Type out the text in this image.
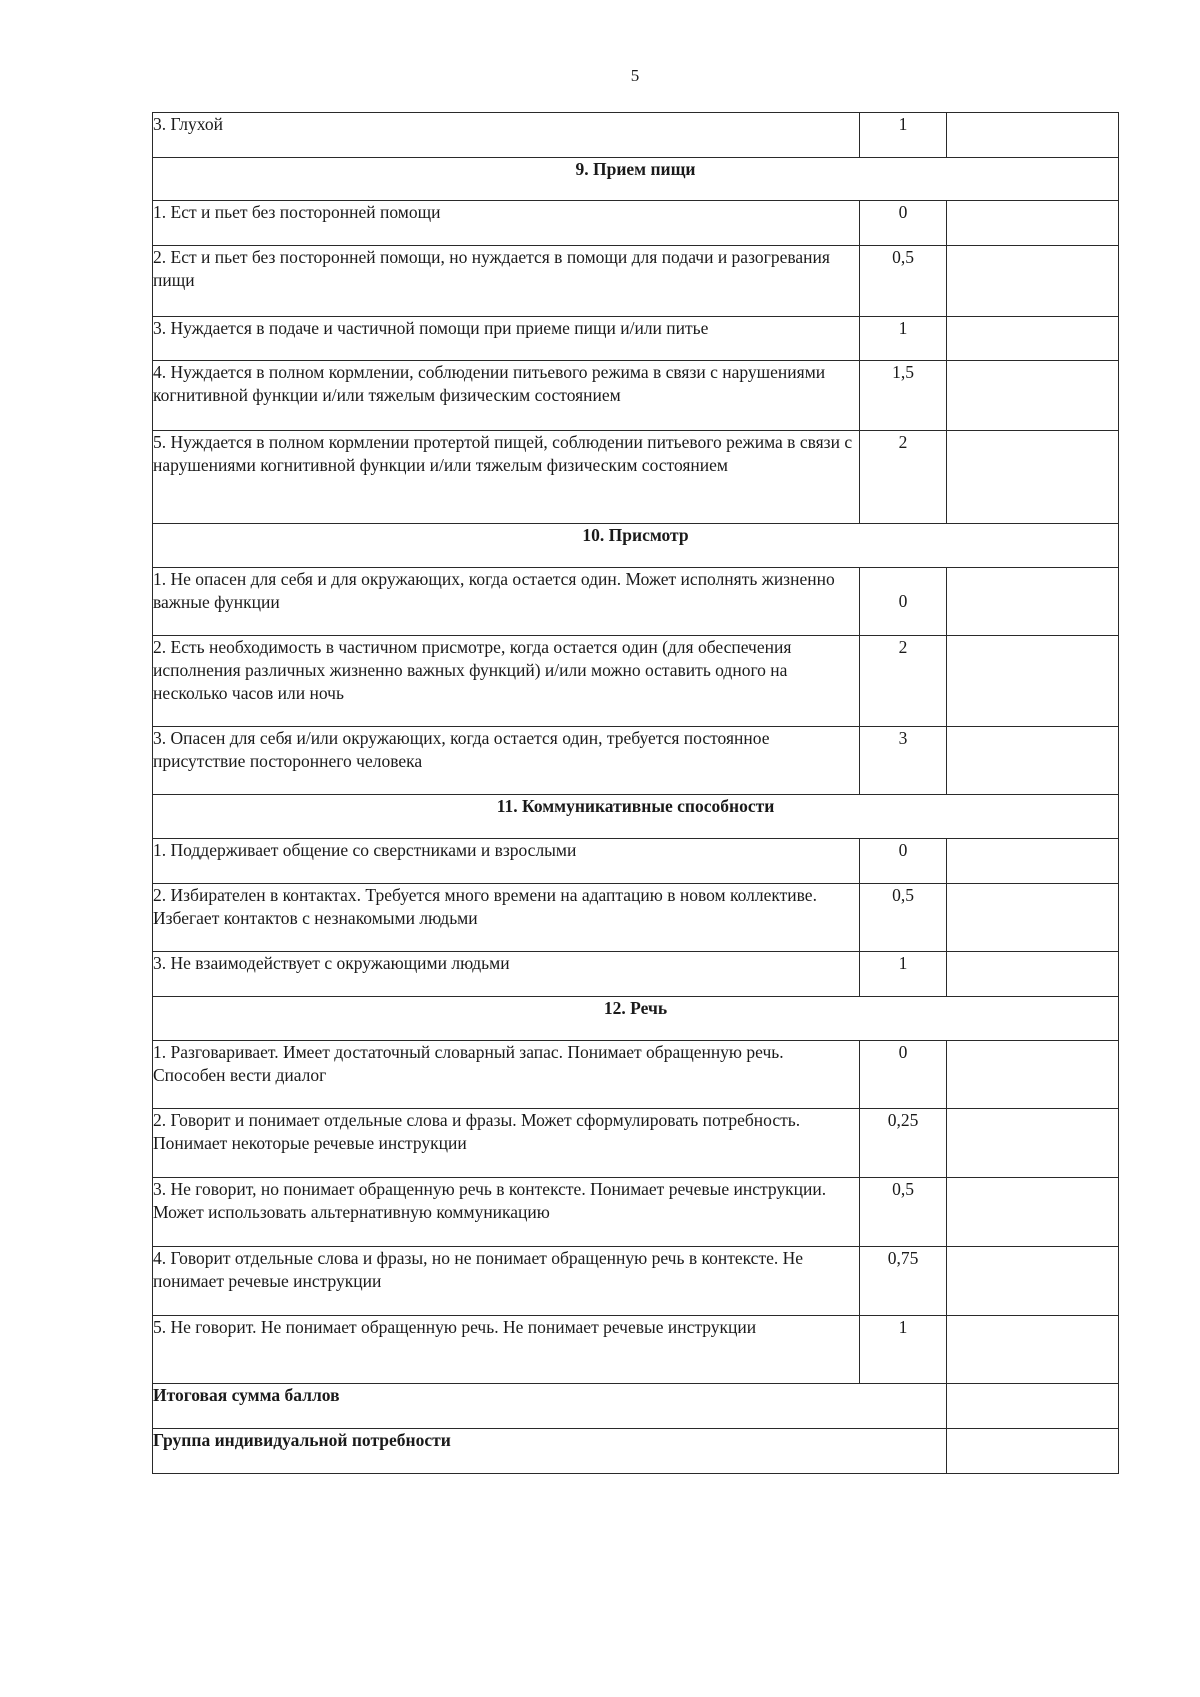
5
3. Глухой	1	
9. Прием пищи		
1. Ест и пьет без посторонней помощи	0	
2. Ест и пьет без посторонней помощи, но нуждается в помощи для подачи и разогревания пищи	0,5	
3. Нуждается в подаче и частичной помощи при приеме пищи и/или питье	1	
4. Нуждается в полном кормлении, соблюдении питьевого режима в связи с нарушениями когнитивной функции и/или тяжелым физическим состоянием	1,5	
5. Нуждается в полном кормлении протертой пищей, соблюдении питьевого режима в связи с нарушениями когнитивной функции и/или тяжелым физическим состоянием	2	
10. Присмотр		
1. Не опасен для себя и для окружающих, когда остается один. Может исполнять жизненно важные функции	0	
2. Есть необходимость в частичном присмотре, когда остается один (для обеспечения исполнения различных жизненно важных функций) и/или можно оставить одного на несколько часов или ночь	2	
3. Опасен для себя и/или окружающих, когда остается один, требуется постоянное присутствие постороннего человека	3	
11. Коммуникативные способности		
1. Поддерживает общение со сверстниками и взрослыми	0	
2. Избирателен в контактах. Требуется много времени на адаптацию в новом коллективе. Избегает контактов с незнакомыми людьми	0,5	
3. Не взаимодействует с окружающими людьми	1	
12. Речь		
1. Разговаривает. Имеет достаточный словарный запас. Понимает обращенную речь. Способен вести диалог	0	
2. Говорит и понимает отдельные слова и фразы. Может сформулировать потребность. Понимает некоторые речевые инструкции	0,25	
3. Не говорит, но понимает обращенную речь в контексте. Понимает речевые инструкции. Может использовать альтернативную коммуникацию	0,5	
4. Говорит отдельные слова и фразы, но не понимает обращенную речь в контексте. Не понимает речевые инструкции	0,75	
5. Не говорит. Не понимает обращенную речь. Не понимает речевые инструкции	1	
Итоговая сумма баллов		
Группа индивидуальной потребности		
